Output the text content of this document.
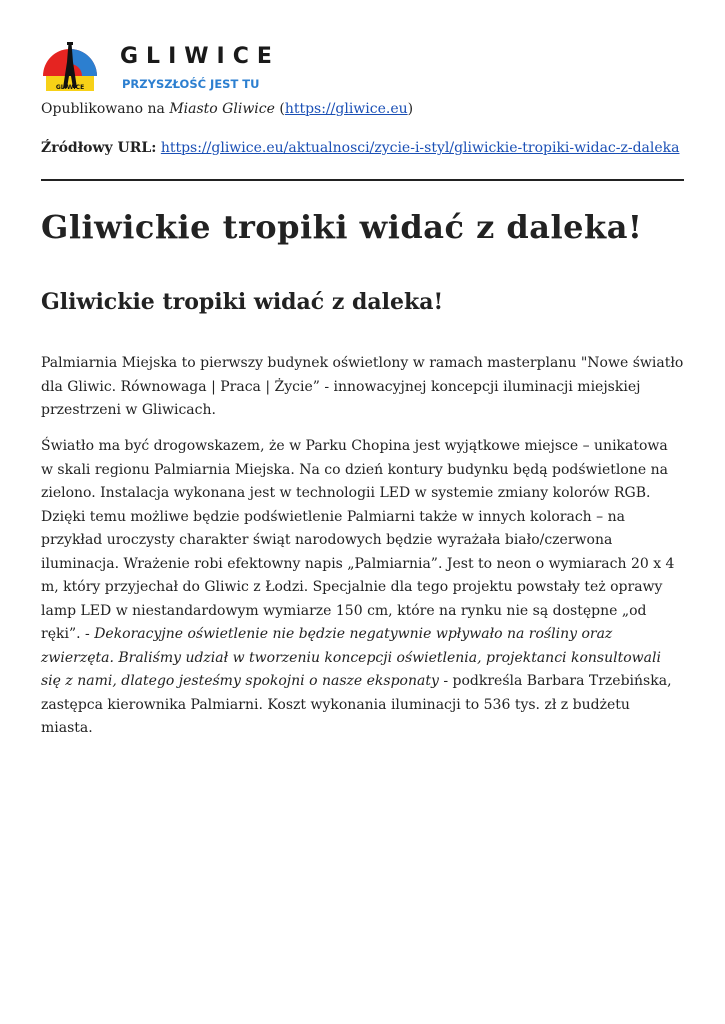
GLIWICE
GLIWICE
PRZYSZŁOŚĆ JEST TU
Opublikowano na Miasto Gliwice (https://gliwice.eu)
Źródłowy URL: https://gliwice.eu/aktualnosci/zycie-i-styl/gliwickie-tropiki-widac-z-daleka
Gliwickie tropiki widać z daleka!
Gliwickie tropiki widać z daleka!

Palmiarnia Miejska to pierwszy budynek oświetlony w ramach masterplanu "Nowe światło dla Gliwic. Równowaga | Praca | Życie” - innowacyjnej koncepcji iluminacji miejskiej przestrzeni w Gliwicach.

Światło ma być drogowskazem, że w Parku Chopina jest wyjątkowe miejsce – unikatowa w skali regionu Palmiarnia Miejska. Na co dzień kontury budynku będą podświetlone na zielono. Instalacja wykonana jest w technologii LED w systemie zmiany kolorów RGB. Dzięki temu możliwe będzie podświetlenie Palmiarni także w innych kolorach – na przykład uroczysty charakter świąt narodowych będzie wyrażała biało/czerwona iluminacja. Wrażenie robi efektowny napis „Palmiarnia”. Jest to neon o wymiarach 20 x 4 m, który przyjechał do Gliwic z Łodzi. Specjalnie dla tego projektu powstały też oprawy lamp LED w niestandardowym wymiarze 150 cm, które na rynku nie są dostępne „od ręki”. - Dekoracyjne oświetlenie nie będzie negatywnie wpływało na rośliny oraz zwierzęta. Braliśmy udział w tworzeniu koncepcji oświetlenia, projektanci konsultowali się z nami, dlatego jesteśmy spokojni o nasze eksponaty - podkreśla Barbara Trzebińska, zastępca kierownika Palmiarni. Koszt wykonania iluminacji to 536 tys. zł z budżetu miasta.
